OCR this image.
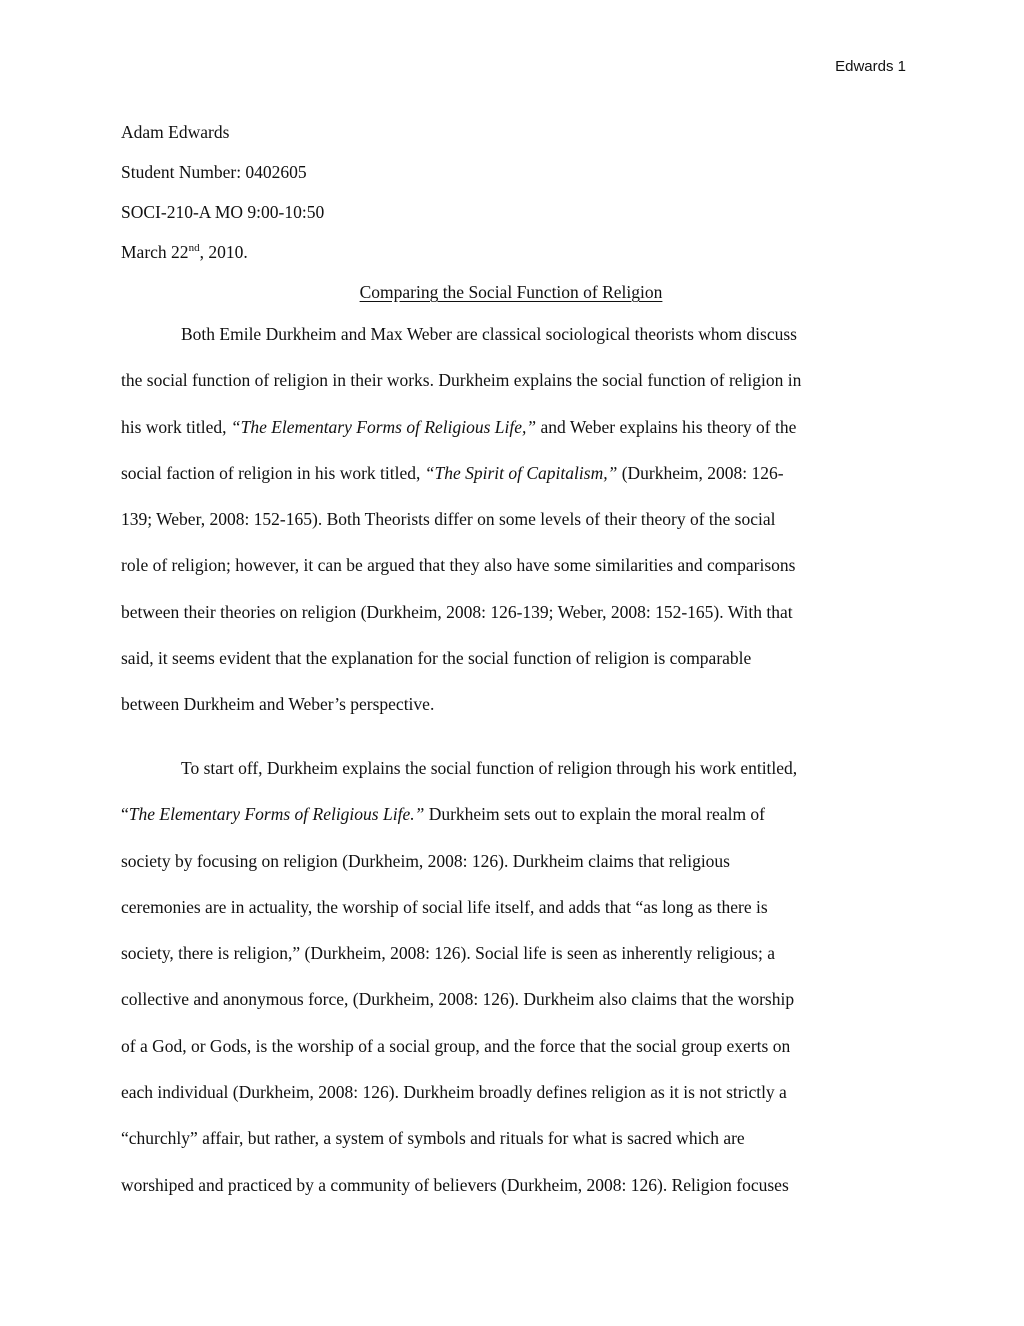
Edwards 1
Adam Edwards
Student Number: 0402605
SOCI-210-A MO 9:00-10:50
March 22nd, 2010.
Comparing the Social Function of Religion
Both Emile Durkheim and Max Weber are classical sociological theorists whom discuss
the social function of religion in their works. Durkheim explains the social function of religion in
his work titled, “The Elementary Forms of Religious Life,” and Weber explains his theory of the
social faction of religion in his work titled, “The Spirit of Capitalism,” (Durkheim, 2008: 126-
139; Weber, 2008: 152-165). Both Theorists differ on some levels of their theory of the social
role of religion; however, it can be argued that they also have some similarities and comparisons
between their theories on religion (Durkheim, 2008: 126-139; Weber, 2008: 152-165). With that
said, it seems evident that the explanation for the social function of religion is comparable
between Durkheim and Weber’s perspective.
To start off, Durkheim explains the social function of religion through his work entitled,
“The Elementary Forms of Religious Life.” Durkheim sets out to explain the moral realm of
society by focusing on religion (Durkheim, 2008: 126). Durkheim claims that religious
ceremonies are in actuality, the worship of social life itself, and adds that “as long as there is
society, there is religion,” (Durkheim, 2008: 126). Social life is seen as inherently religious; a
collective and anonymous force, (Durkheim, 2008: 126). Durkheim also claims that the worship
of a God, or Gods, is the worship of a social group, and the force that the social group exerts on
each individual (Durkheim, 2008: 126). Durkheim broadly defines religion as it is not strictly a
“churchly” affair, but rather, a system of symbols and rituals for what is sacred which are
worshiped and practiced by a community of believers (Durkheim, 2008: 126). Religion focuses
